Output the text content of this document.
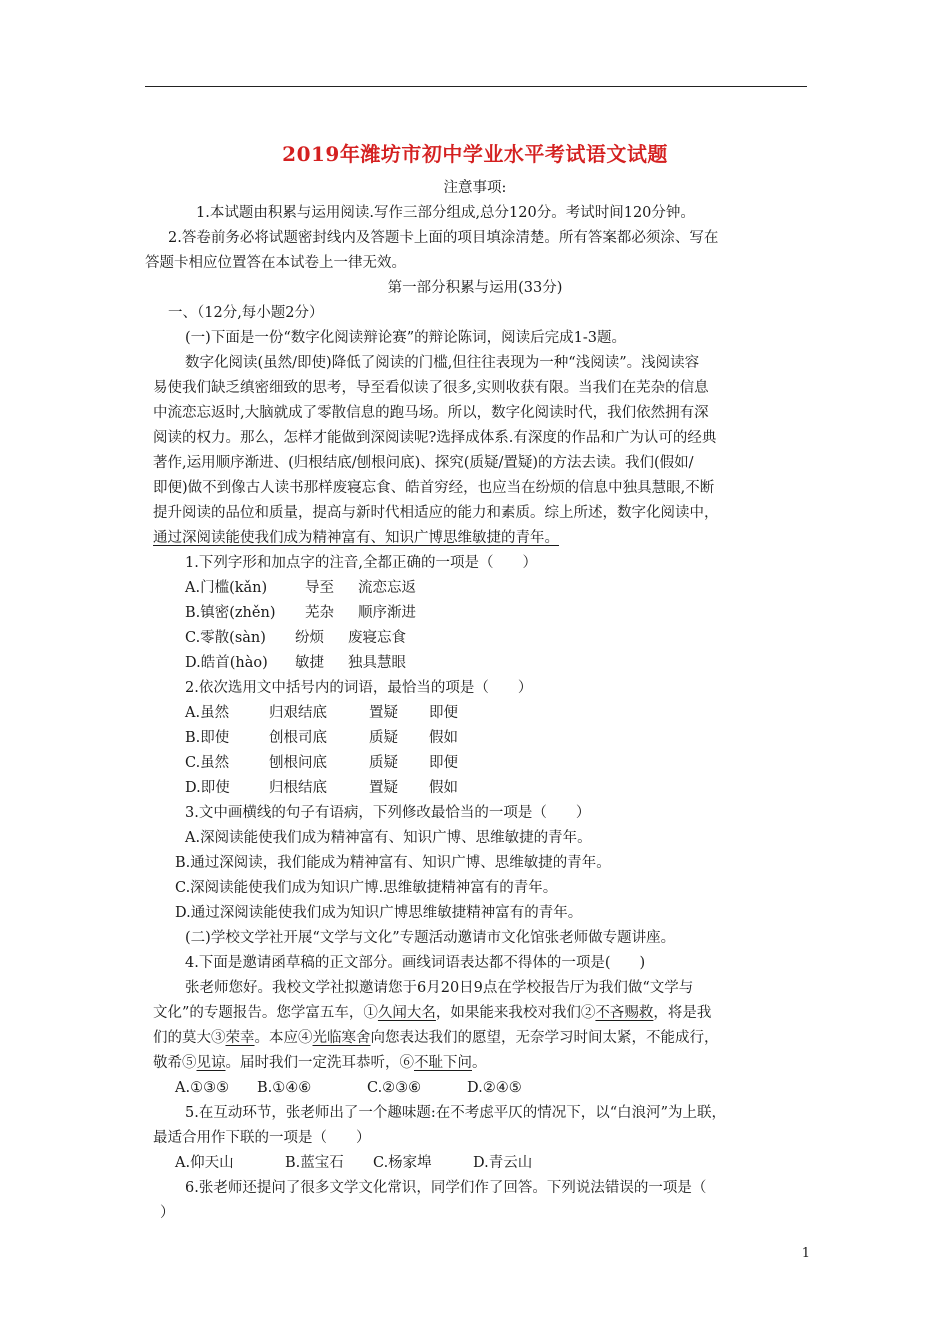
2019年潍坊市初中学业水平考试语文试题
注意事项:
1.本试题由积累与运用阅读.写作三部分组成,总分120分。考试时间120分钟。
2.答卷前务必将试题密封线内及答题卡上面的项目填涂清楚。所有答案都必须涂、写在
答题卡相应位置答在本试卷上一律无效。
第一部分积累与运用(33分)
一、（12分,每小题2分）
(一)下面是一份“数字化阅读辩论赛”的辩论陈词，阅读后完成1-3题。
数字化阅读(虽然/即使)降低了阅读的门槛,但往往表现为一种“浅阅读”。浅阅读容
易使我们缺乏缜密细致的思考，导至看似读了很多,实则收获有限。当我们在芜杂的信息
中流恋忘返时,大脑就成了零散信息的跑马场。所以，数字化阅读时代，我们依然拥有深
阅读的权力。那么，怎样才能做到深阅读呢?选择成体系.有深度的作品和广为认可的经典
著作,运用顺序渐进、(归根结底/刨根问底)、探究(质疑/置疑)的方法去读。我们(假如/
即便)做不到像古人读书那样废寝忘食、皓首穷经，也应当在纷烦的信息中独具慧眼,不断
提升阅读的品位和质量，提高与新时代相适应的能力和素质。综上所述，数字化阅读中，
通过深阅读能使我们成为精神富有、知识广博思维敏捷的青年。
1.下列字形和加点字的注音,全都正确的一项是（　　）
A.门槛(kǎn)	导至 流恋忘返
B.镇密(zhěn) 芜杂 顺序渐进
C.零散(sàn) 纷烦 废寝忘食
D.皓首(hào) 敏捷 独具慧眼
2.依次选用文中括号内的词语，最恰当的项是（　　）
A.虽然	归艰结底	置疑 即便
B.即使	创根司底	质疑 假如
C.虽然	刨根问底	质疑 即便
D.即使	归根结底	置疑 假如
3.文中画横线的句子有语病，下列修改最恰当的一项是（　　）
A.深阅读能使我们成为精神富有、知识广博、思维敏捷的青年。
B.通过深阅读，我们能成为精神富有、知识广博、思维敏捷的青年。
C.深阅读能使我们成为知识广博.思维敏捷精神富有的青年。
D.通过深阅读能使我们成为知识广博思维敏捷精神富有的青年。
(二)学校文学社开展“文学与文化”专题活动邀请市文化馆张老师做专题讲座。
4.下面是邀请函草稿的正文部分。画线词语表达都不得体的一项是(　　)
张老师您好。我校文学社拟邀请您于6月20日9点在学校报告厅为我们做“文学与
文化”的专题报告。您学富五车，①久闻大名，如果能来我校对我们②不吝赐救，将是我
们的莫大③荣幸。本应④光临寒舍向您表达我们的愿望，无奈学习时间太紧，不能成行，
敬希⑤见谅。届时我们一定洗耳恭听，⑥不耻下问。
A.①③⑤ B.①④⑥	C.②③⑥	D.②④⑤
5.在互动环节，张老师出了一个趣味题:在不考虑平仄的情况下，以“白浪河”为上联，
最适合用作下联的一项是（　　）
A.仰天山	B.蓝宝石 C.杨家埠	D.青云山
6.张老师还提问了很多文学文化常识，同学们作了回答。下列说法错误的一项是（
）
1
